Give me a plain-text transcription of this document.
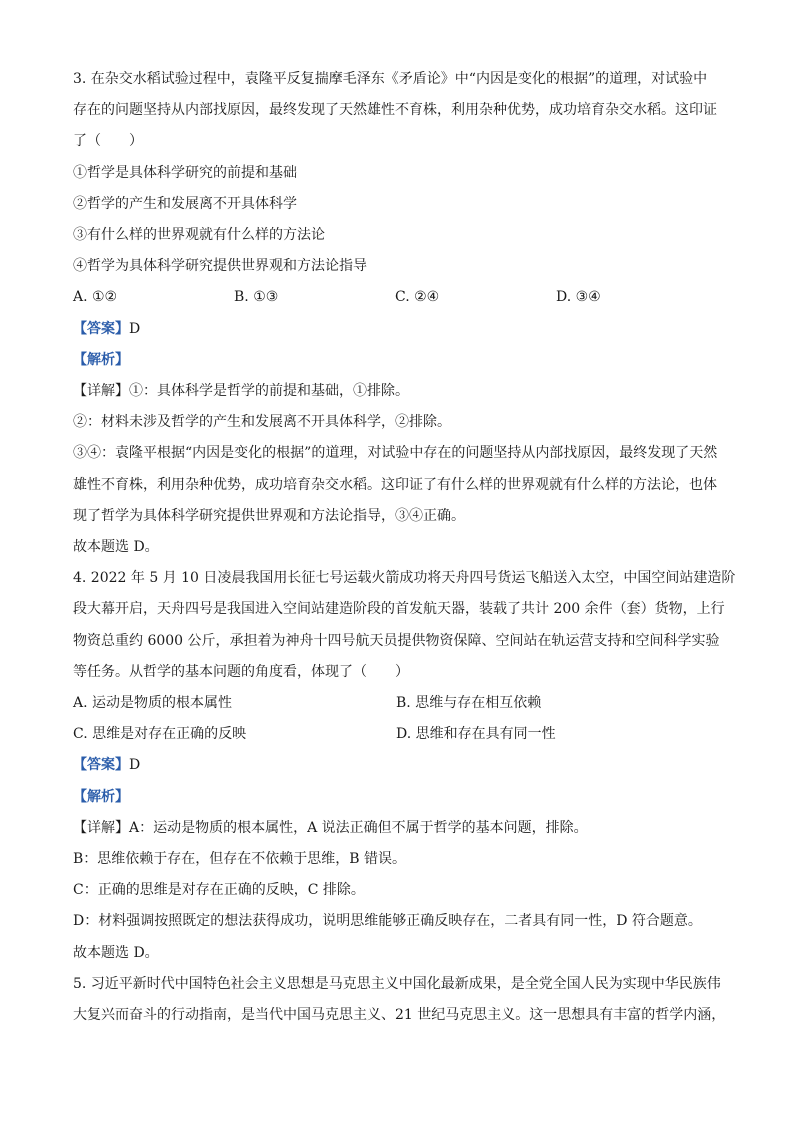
3. 在杂交水稻试验过程中，袁隆平反复揣摩毛泽东《矛盾论》中“内因是变化的根据”的道理，对试验中
存在的问题坚持从内部找原因，最终发现了天然雄性不育株，利用杂种优势，成功培育杂交水稻。这印证
了（　　）
①哲学是具体科学研究的前提和基础
②哲学的产生和发展离不开具体科学
③有什么样的世界观就有什么样的方法论
④哲学为具体科学研究提供世界观和方法论指导
A. ①②	B. ①③	C. ②④	D. ③④
【答案】D
【解析】
【详解】①：具体科学是哲学的前提和基础，①排除。
②：材料未涉及哲学的产生和发展离不开具体科学，②排除。
③④：袁隆平根据“内因是变化的根据”的道理，对试验中存在的问题坚持从内部找原因，最终发现了天然
雄性不育株，利用杂种优势，成功培育杂交水稻。这印证了有什么样的世界观就有什么样的方法论，也体
现了哲学为具体科学研究提供世界观和方法论指导，③④正确。
故本题选 D。
4. 2022 年 5 月 10 日凌晨我国用长征七号运载火箭成功将天舟四号货运飞船送入太空，中国空间站建造阶
段大幕开启，天舟四号是我国进入空间站建造阶段的首发航天器，装载了共计 200 余件（套）货物，上行
物资总重约 6000 公斤，承担着为神舟十四号航天员提供物资保障、空间站在轨运营支持和空间科学实验
等任务。从哲学的基本问题的角度看，体现了（　　）
A. 运动是物质的根本属性	B. 思维与存在相互依赖
C. 思维是对存在正确的反映	D. 思维和存在具有同一性
【答案】D
【解析】
【详解】A：运动是物质的根本属性，A 说法正确但不属于哲学的基本问题，排除。
B：思维依赖于存在，但存在不依赖于思维，B 错误。
C：正确的思维是对存在正确的反映，C 排除。
D：材料强调按照既定的想法获得成功，说明思维能够正确反映存在，二者具有同一性，D 符合题意。
故本题选 D。
5. 习近平新时代中国特色社会主义思想是马克思主义中国化最新成果，是全党全国人民为实现中华民族伟
大复兴而奋斗的行动指南，是当代中国马克思主义、21 世纪马克思主义。这一思想具有丰富的哲学内涵，
